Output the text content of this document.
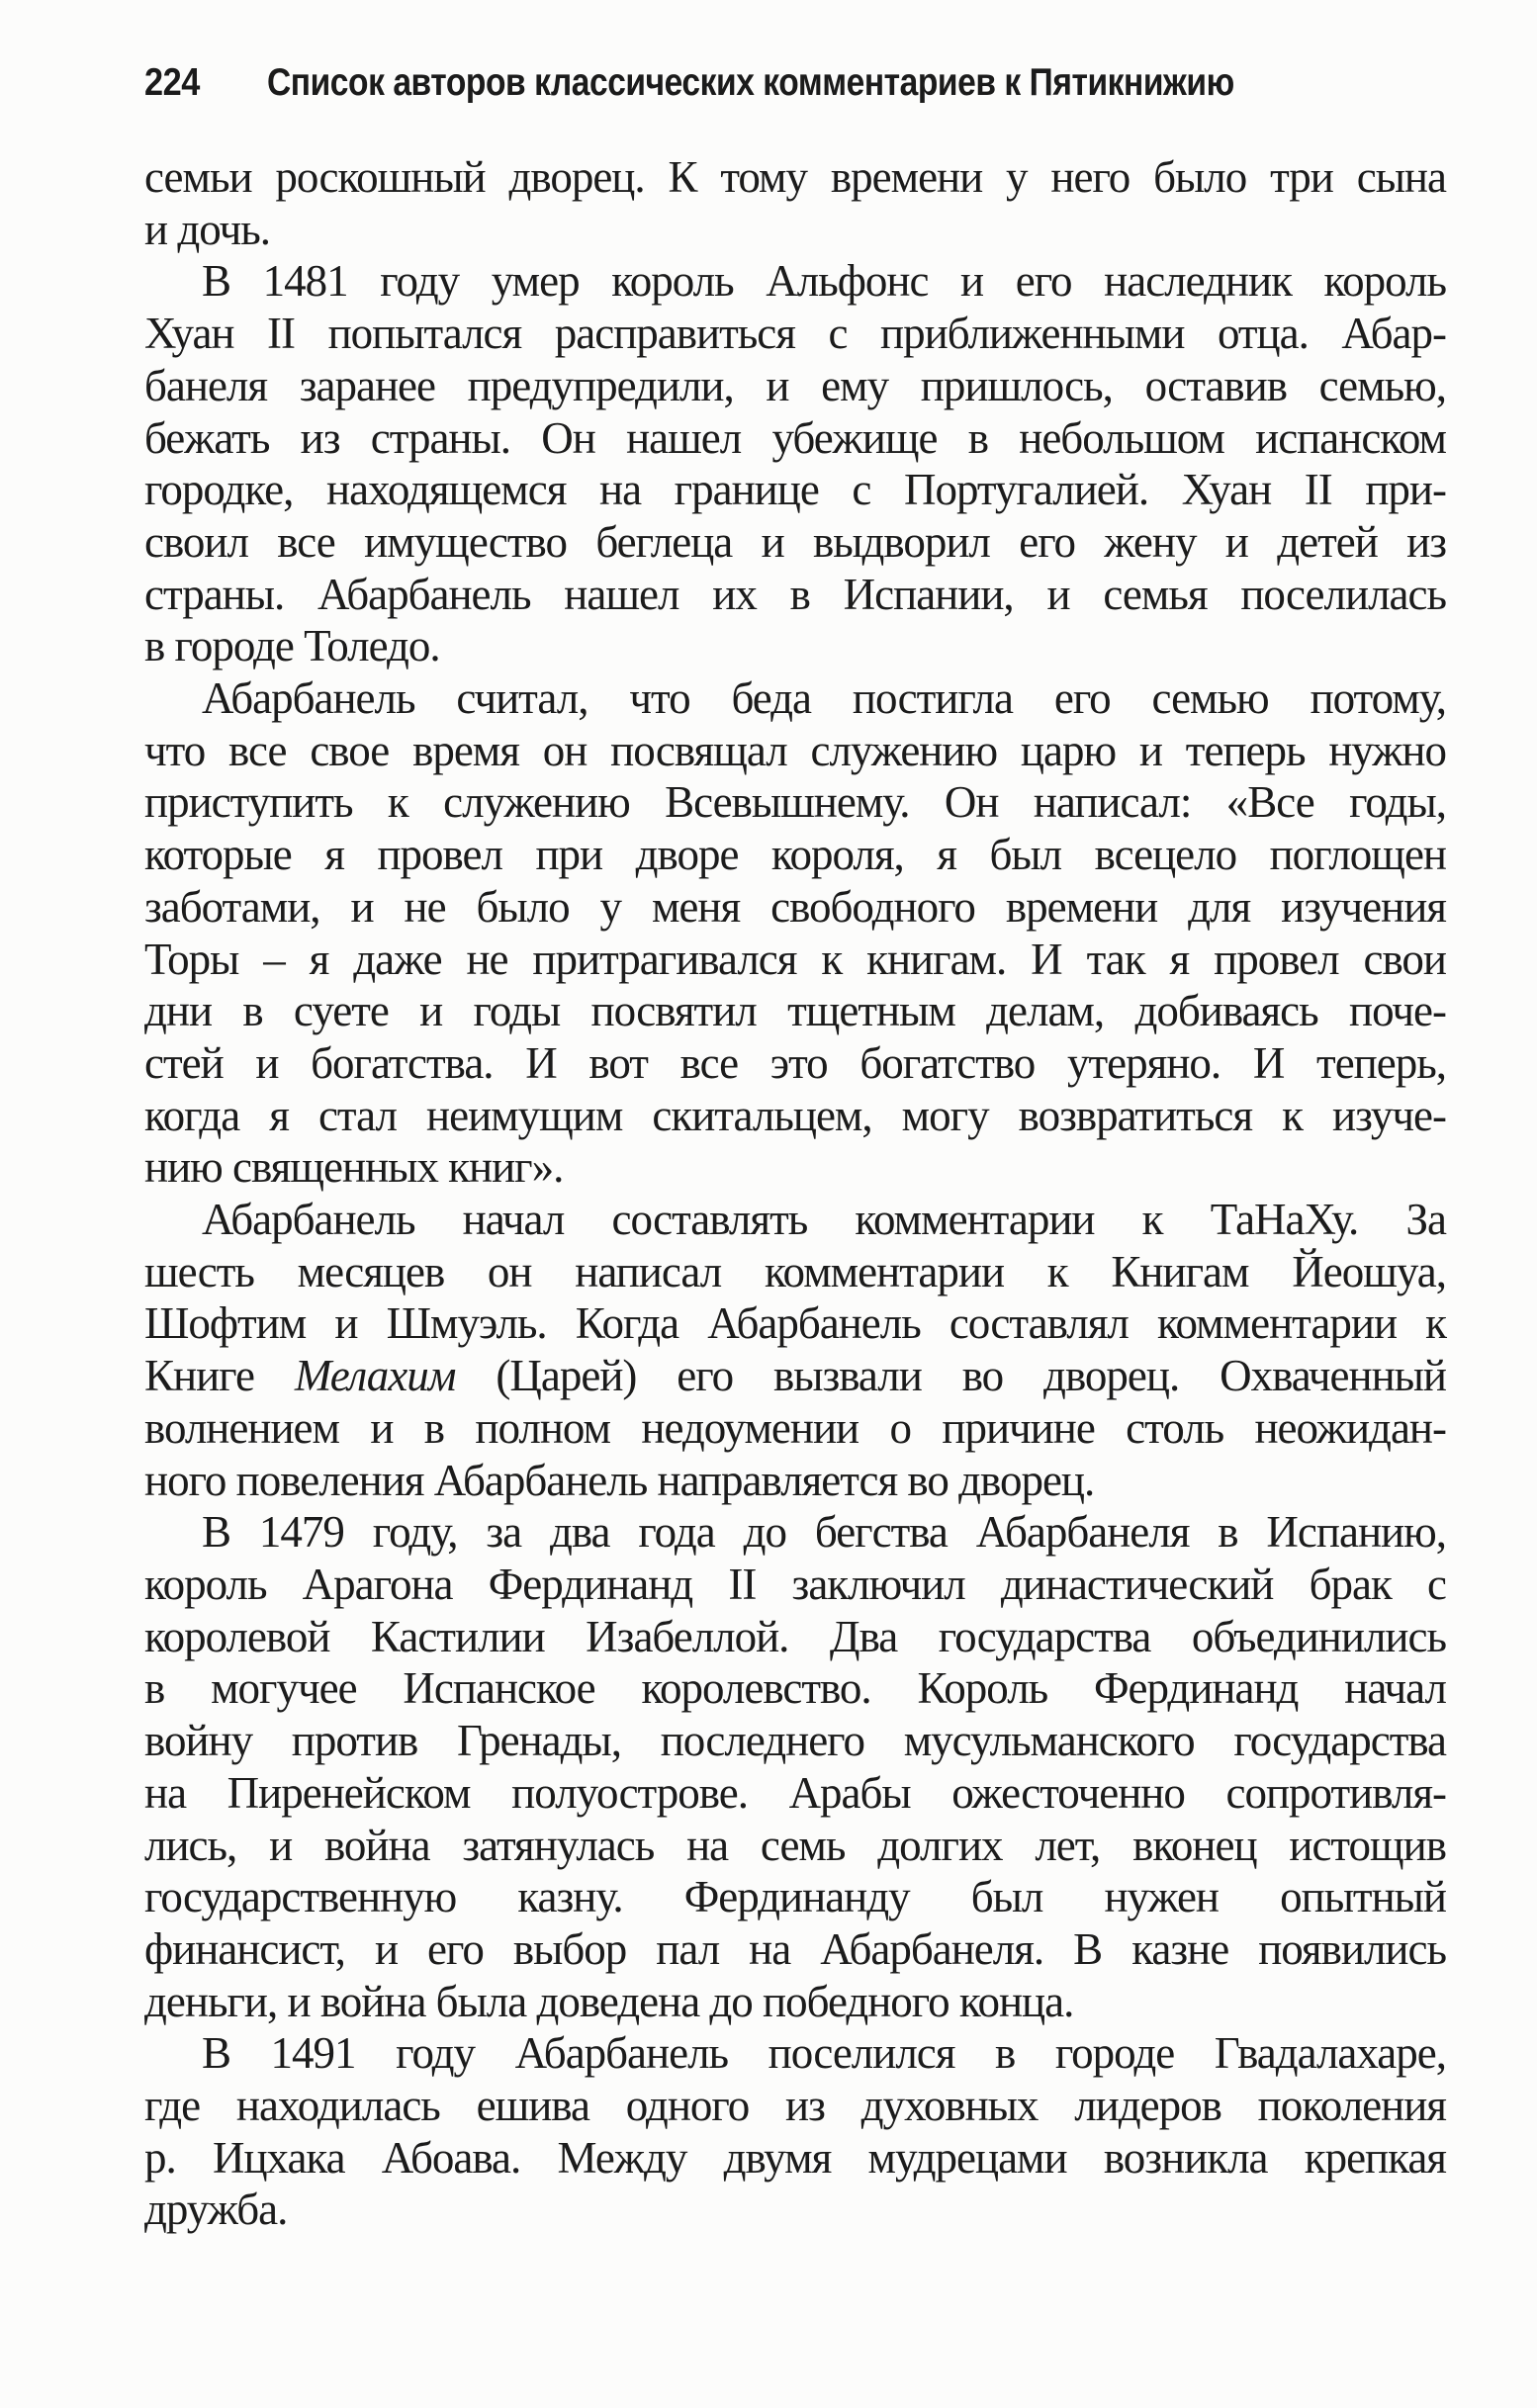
224 Список авторов классических комментариев к Пятикнижию
семьи роскошный дворец. К тому времени у него было три сына
и дочь.
В 1481 году умер король Альфонс и его наследник король
Хуан II попытался расправиться с приближенными отца. Абар-
банеля заранее предупредили, и ему пришлось, оставив семью,
бежать из страны. Он нашел убежище в небольшом испанском
городке, находящемся на границе с Португалией. Хуан II при-
своил все имущество беглеца и выдворил его жену и детей из
страны. Абарбанель нашел их в Испании, и семья поселилась
в городе Толедо.
Абарбанель считал, что беда постигла его семью потому,
что все свое время он посвящал служению царю и теперь нужно
приступить к служению Всевышнему. Он написал: «Все годы,
которые я провел при дворе короля, я был всецело поглощен
заботами, и не было у меня свободного времени для изучения
Торы – я даже не притрагивался к книгам. И так я провел свои
дни в суете и годы посвятил тщетным делам, добиваясь поче-
стей и богатства. И вот все это богатство утеряно. И теперь,
когда я стал неимущим скитальцем, могу возвратиться к изуче-
нию священных книг».
Абарбанель начал составлять комментарии к ТаНаХу. За
шесть месяцев он написал комментарии к Книгам Йеошуа,
Шофтим и Шмуэль. Когда Абарбанель составлял комментарии к
Книге Мелахим (Царей) его вызвали во дворец. Охваченный
волнением и в полном недоумении о причине столь неожидан-
ного повеления Абарбанель направляется во дворец.
В 1479 году, за два года до бегства Абарбанеля в Испанию,
король Арагона Фердинанд II заключил династический брак с
королевой Кастилии Изабеллой. Два государства объединились
в могучее Испанское королевство. Король Фердинанд начал
войну против Гренады, последнего мусульманского государства
на Пиренейском полуострове. Арабы ожесточенно сопротивля-
лись, и война затянулась на семь долгих лет, вконец истощив
государственную казну. Фердинанду был нужен опытный
финансист, и его выбор пал на Абарбанеля. В казне появились
деньги, и война была доведена до победного конца.
В 1491 году Абарбанель поселился в городе Гвадалахаре,
где находилась ешива одного из духовных лидеров поколения
р. Ицхака Абоава. Между двумя мудрецами возникла крепкая
дружба.
